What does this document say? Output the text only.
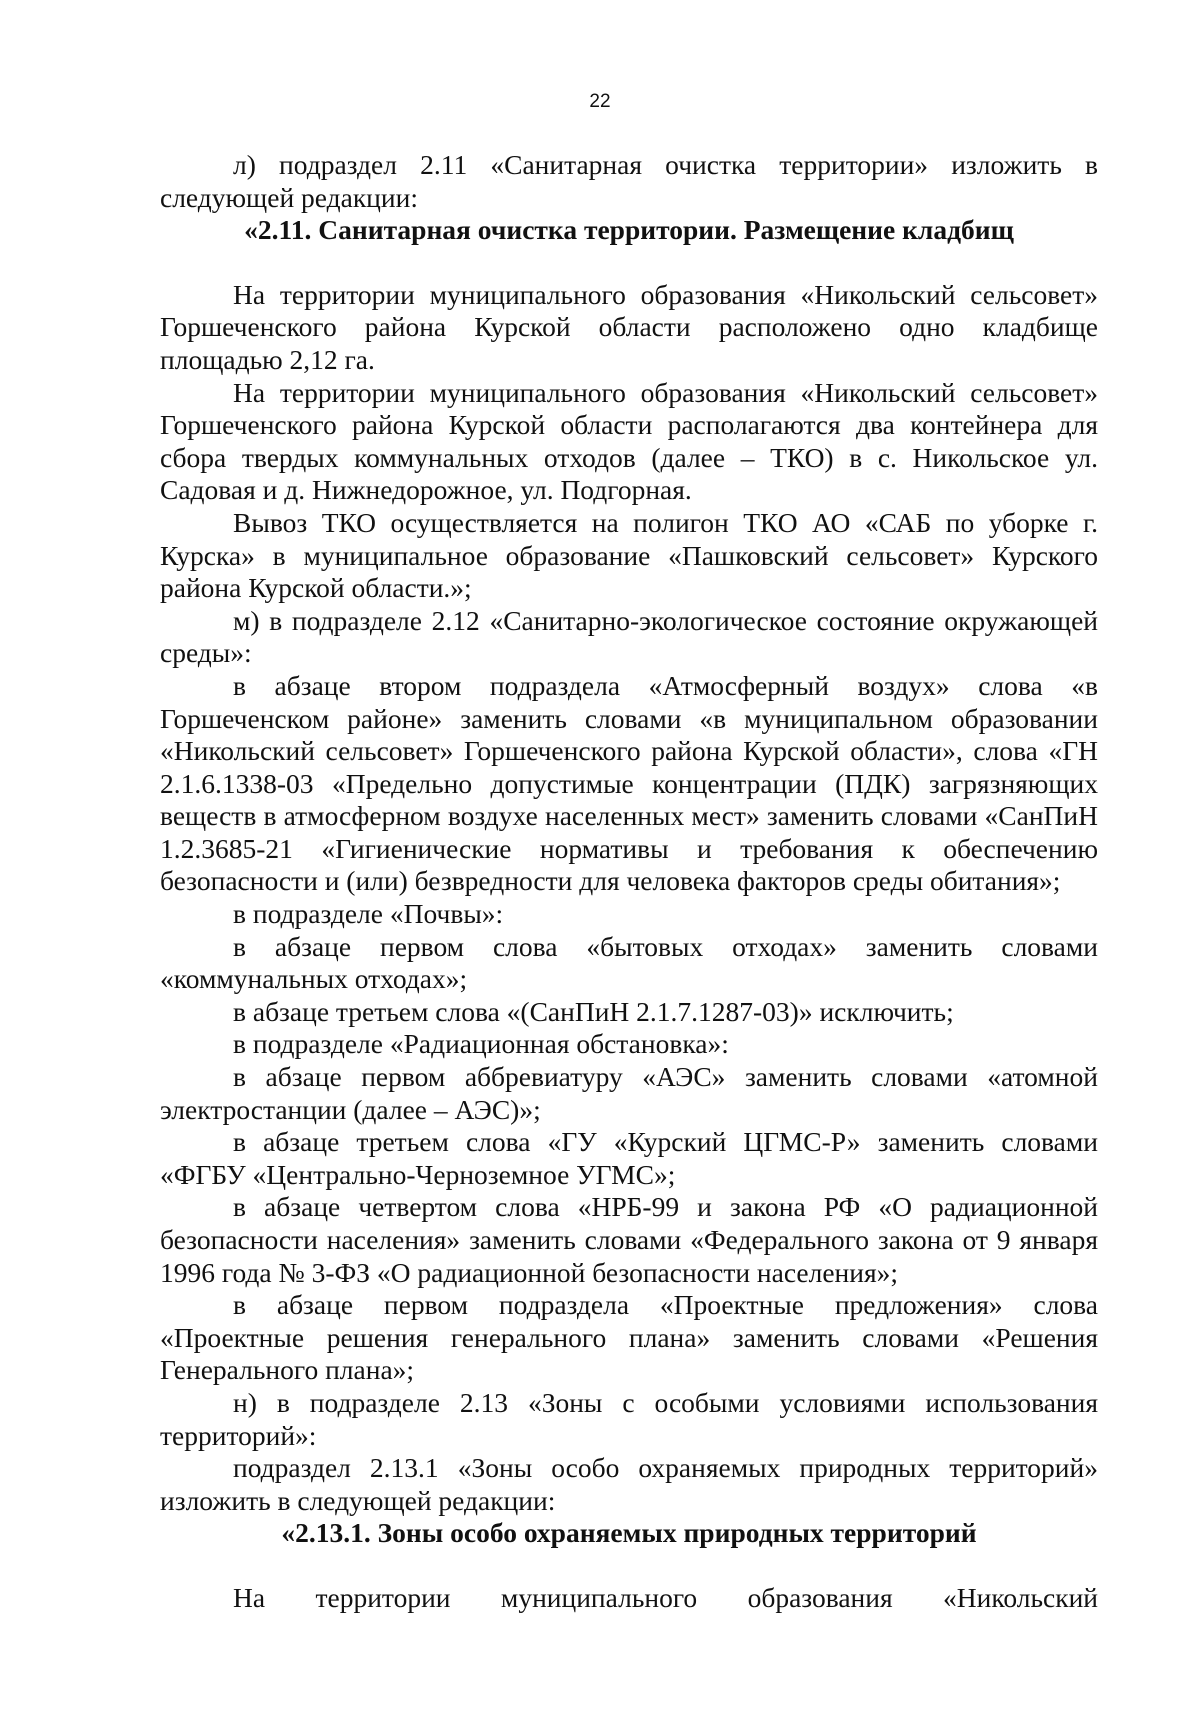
22

л) подраздел 2.11 «Санитарная очистка территории» изложить в следующей редакции:

«2.11. Санитарная очистка территории. Размещение кладбищ

На территории муниципального образования «Никольский сельсовет» Горшеченского района Курской области расположено одно кладбище площадью 2,12 га.

На территории муниципального образования «Никольский сельсовет» Горшеченского района Курской области располагаются два контейнера для сбора твердых коммунальных отходов (далее – ТКО) в с. Никольское ул. Садовая и д. Нижнедорожное, ул. Подгорная.

Вывоз ТКО осуществляется на полигон ТКО АО «САБ по уборке г. Курска» в муниципальное образование «Пашковский сельсовет» Курского района Курской области.»;

м) в подразделе 2.12 «Санитарно-экологическое состояние окружающей среды»:

в абзаце втором подраздела «Атмосферный воздух» слова «в Горшеченском районе» заменить словами «в муниципальном образовании «Никольский сельсовет» Горшеченского района Курской области», слова «ГН 2.1.6.1338-03 «Предельно допустимые концентрации (ПДК) загрязняющих веществ в атмосферном воздухе населенных мест» заменить словами «СанПиН 1.2.3685-21 «Гигиенические нормативы и требования к обеспечению безопасности и (или) безвредности для человека факторов среды обитания»;

в подразделе «Почвы»:

в абзаце первом слова «бытовых отходах» заменить словами «коммунальных отходах»;

в абзаце третьем слова «(СанПиН 2.1.7.1287-03)» исключить;

в подразделе «Радиационная обстановка»:

в абзаце первом аббревиатуру «АЭС» заменить словами «атомной электростанции (далее – АЭС)»;

в абзаце третьем слова «ГУ «Курский ЦГМС-Р» заменить словами «ФГБУ «Центрально-Черноземное УГМС»;

в абзаце четвертом слова «НРБ-99 и закона РФ «О радиационной безопасности населения» заменить словами «Федерального закона от 9 января 1996 года № 3-ФЗ «О радиационной безопасности населения»;

в абзаце первом подраздела «Проектные предложения» слова «Проектные решения генерального плана» заменить словами «Решения Генерального плана»;

н) в подразделе 2.13 «Зоны с особыми условиями использования территорий»:

подраздел 2.13.1 «Зоны особо охраняемых природных территорий» изложить в следующей редакции:

«2.13.1. Зоны особо охраняемых природных территорий

На территории муниципального образования «Никольский
